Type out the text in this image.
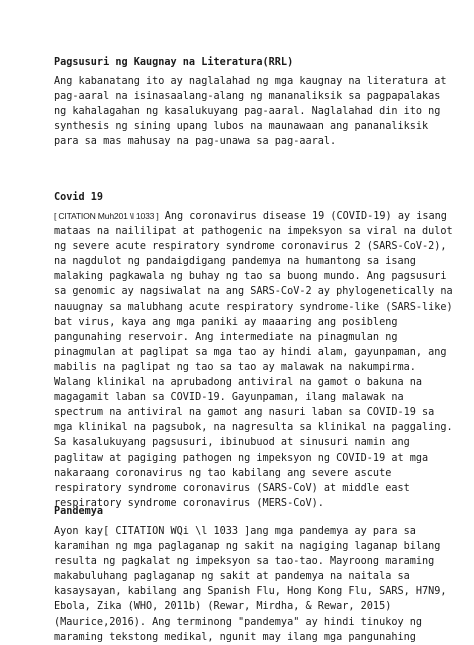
Pagsusuri ng Kaugnay na Literatura(RRL)
Ang kabanatang ito ay naglalahad ng mga kaugnay na literatura at
pag-aaral na isinasaalang-alang ng mananaliksik sa pagpapalakas
ng kahalagahan ng kasalukuyang pag-aaral. Naglalahad din ito ng
synthesis ng sining upang lubos na maunawaan ang pananaliksik
para sa mas mahusay na pag-unawa sa pag-aaral.
Covid 19
[ CITATION Muh201 \l 1033 ] Ang coronavirus disease 19 (COVID-19) ay isang
mataas na naililipat at pathogenic na impeksyon sa viral na dulot
ng severe acute respiratory syndrome coronavirus 2 (SARS-CoV-2),
na nagdulot ng pandaigdigang pandemya na humantong sa isang
malaking pagkawala ng buhay ng tao sa buong mundo. Ang pagsusuri
sa genomic ay nagsiwalat na ang SARS-CoV-2 ay phylogenetically na
nauugnay sa malubhang acute respiratory syndrome-like (SARS-like)
bat virus, kaya ang mga paniki ay maaaring ang posibleng
pangunahing reservoir. Ang intermediate na pinagmulan ng
pinagmulan at paglipat sa mga tao ay hindi alam, gayunpaman, ang
mabilis na paglipat ng tao sa tao ay malawak na nakumpirma.
Walang klinikal na aprubadong antiviral na gamot o bakuna na
magagamit laban sa COVID-19. Gayunpaman, ilang malawak na
spectrum na antiviral na gamot ang nasuri laban sa COVID-19 sa
mga klinikal na pagsubok, na nagresulta sa klinikal na paggaling.
Sa kasalukuyang pagsusuri, ibinubuod at sinusuri namin ang
paglitaw at pagiging pathogen ng impeksyon ng COVID-19 at mga
nakaraang coronavirus ng tao kabilang ang severe ascute
respiratory syndrome coronavirus (SARS-CoV) at middle east
respiratory syndrome coronavirus (MERS-CoV).
Pandemya
Ayon kay[ CITATION WQi \l 1033 ]ang mga pandemya ay para sa
karamihan ng mga paglaganap ng sakit na nagiging laganap bilang
resulta ng pagkalat ng impeksyon sa tao-tao. Mayroong maraming
makabuluhang paglaganap ng sakit at pandemya na naitala sa
kasaysayan, kabilang ang Spanish Flu, Hong Kong Flu, SARS, H7N9,
Ebola, Zika (WHO, 2011b) (Rewar, Mirdha, & Rewar, 2015)
(Maurice,2016). Ang terminong "pandemya" ay hindi tinukoy ng
maraming tekstong medikal, ngunit may ilang mga pangunahing
